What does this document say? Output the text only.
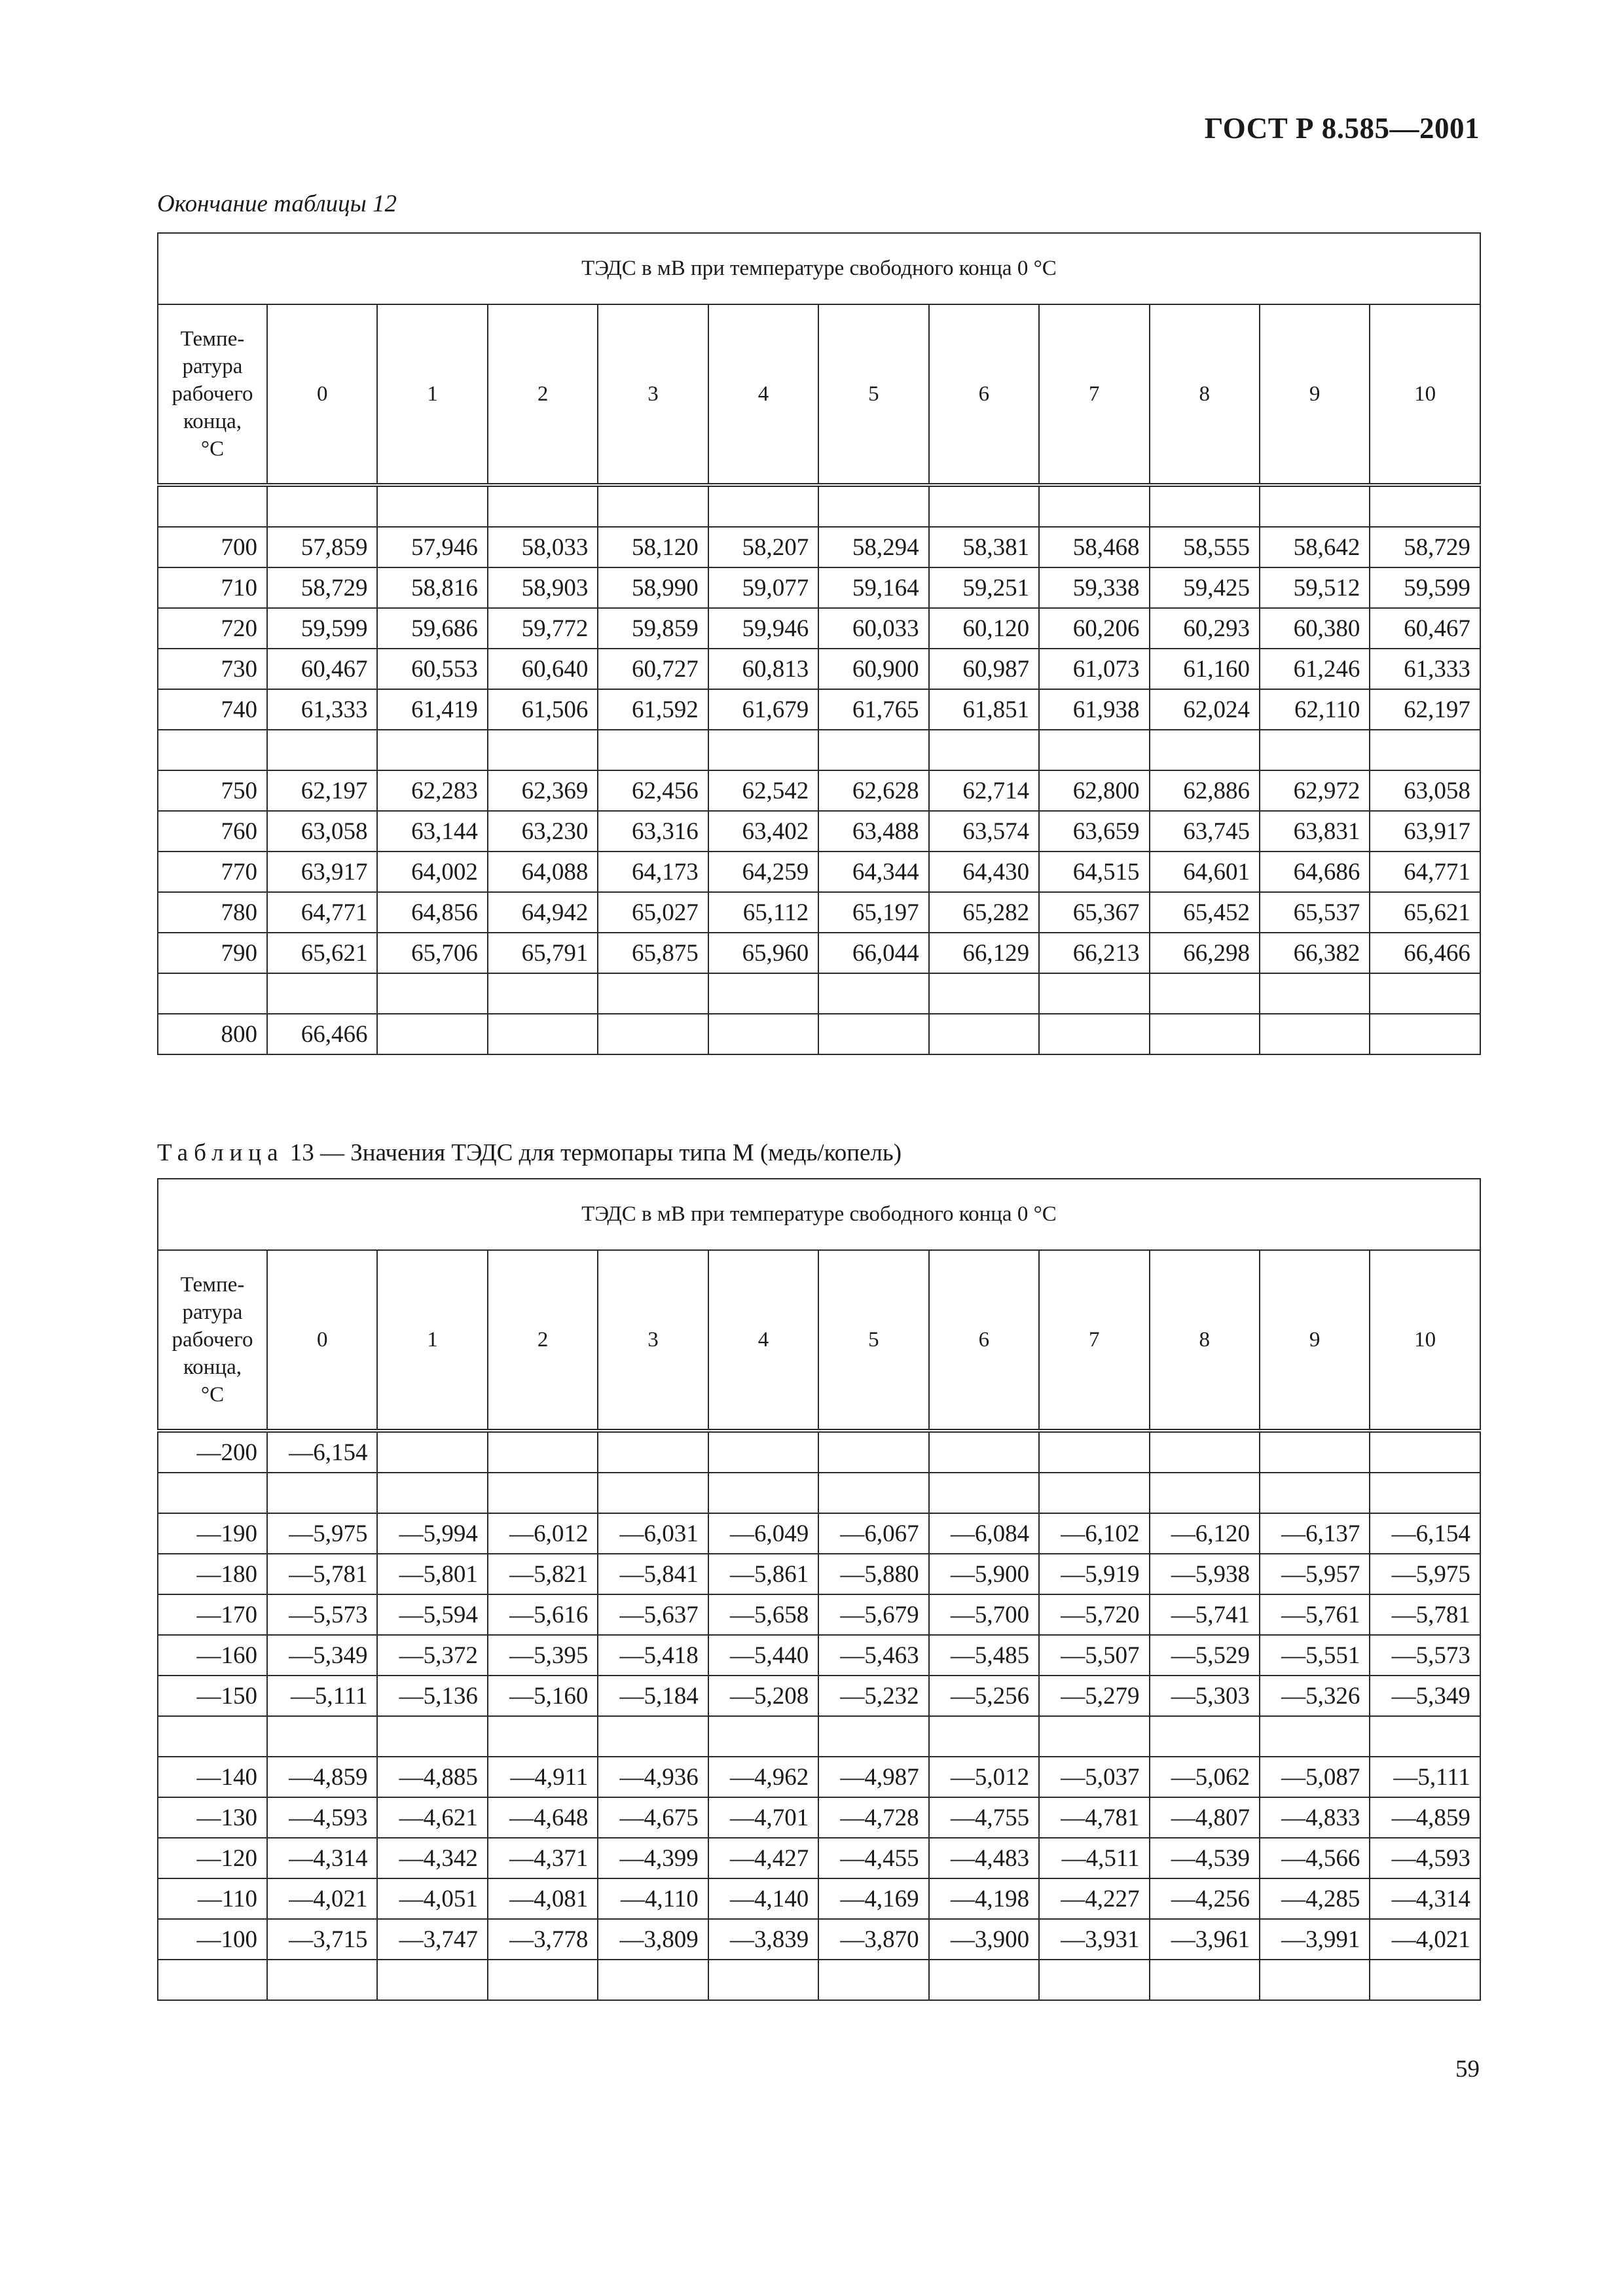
ГОСТ Р 8.585—2001
Окончание таблицы 12
ТЭДС в мВ при температуре свободного конца 0 °С											
Темпе-
ратура
рабочего
конца,
°С	0	1	2	3	4	5	6	7	8	9	10

700	57,859	57,946	58,033	58,120	58,207	58,294	58,381	58,468	58,555	58,642	58,729
710	58,729	58,816	58,903	58,990	59,077	59,164	59,251	59,338	59,425	59,512	59,599
720	59,599	59,686	59,772	59,859	59,946	60,033	60,120	60,206	60,293	60,380	60,467
730	60,467	60,553	60,640	60,727	60,813	60,900	60,987	61,073	61,160	61,246	61,333
740	61,333	61,419	61,506	61,592	61,679	61,765	61,851	61,938	62,024	62,110	62,197

750	62,197	62,283	62,369	62,456	62,542	62,628	62,714	62,800	62,886	62,972	63,058
760	63,058	63,144	63,230	63,316	63,402	63,488	63,574	63,659	63,745	63,831	63,917
770	63,917	64,002	64,088	64,173	64,259	64,344	64,430	64,515	64,601	64,686	64,771
780	64,771	64,856	64,942	65,027	65,112	65,197	65,282	65,367	65,452	65,537	65,621
790	65,621	65,706	65,791	65,875	65,960	66,044	66,129	66,213	66,298	66,382	66,466

800	66,466										
Таблица 13 — Значения ТЭДС для термопары типа М (медь/копель)
ТЭДС в мВ при температуре свободного конца 0 °С											
Темпе-
ратура
рабочего
конца,
°С	0	1	2	3	4	5	6	7	8	9	10
—200	—6,154										

—190	—5,975	—5,994	—6,012	—6,031	—6,049	—6,067	—6,084	—6,102	—6,120	—6,137	—6,154
—180	—5,781	—5,801	—5,821	—5,841	—5,861	—5,880	—5,900	—5,919	—5,938	—5,957	—5,975
—170	—5,573	—5,594	—5,616	—5,637	—5,658	—5,679	—5,700	—5,720	—5,741	—5,761	—5,781
—160	—5,349	—5,372	—5,395	—5,418	—5,440	—5,463	—5,485	—5,507	—5,529	—5,551	—5,573
—150	—5,111	—5,136	—5,160	—5,184	—5,208	—5,232	—5,256	—5,279	—5,303	—5,326	—5,349

—140	—4,859	—4,885	—4,911	—4,936	—4,962	—4,987	—5,012	—5,037	—5,062	—5,087	—5,111
—130	—4,593	—4,621	—4,648	—4,675	—4,701	—4,728	—4,755	—4,781	—4,807	—4,833	—4,859
—120	—4,314	—4,342	—4,371	—4,399	—4,427	—4,455	—4,483	—4,511	—4,539	—4,566	—4,593
—110	—4,021	—4,051	—4,081	—4,110	—4,140	—4,169	—4,198	—4,227	—4,256	—4,285	—4,314
—100	—3,715	—3,747	—3,778	—3,809	—3,839	—3,870	—3,900	—3,931	—3,961	—3,991	—4,021

59
